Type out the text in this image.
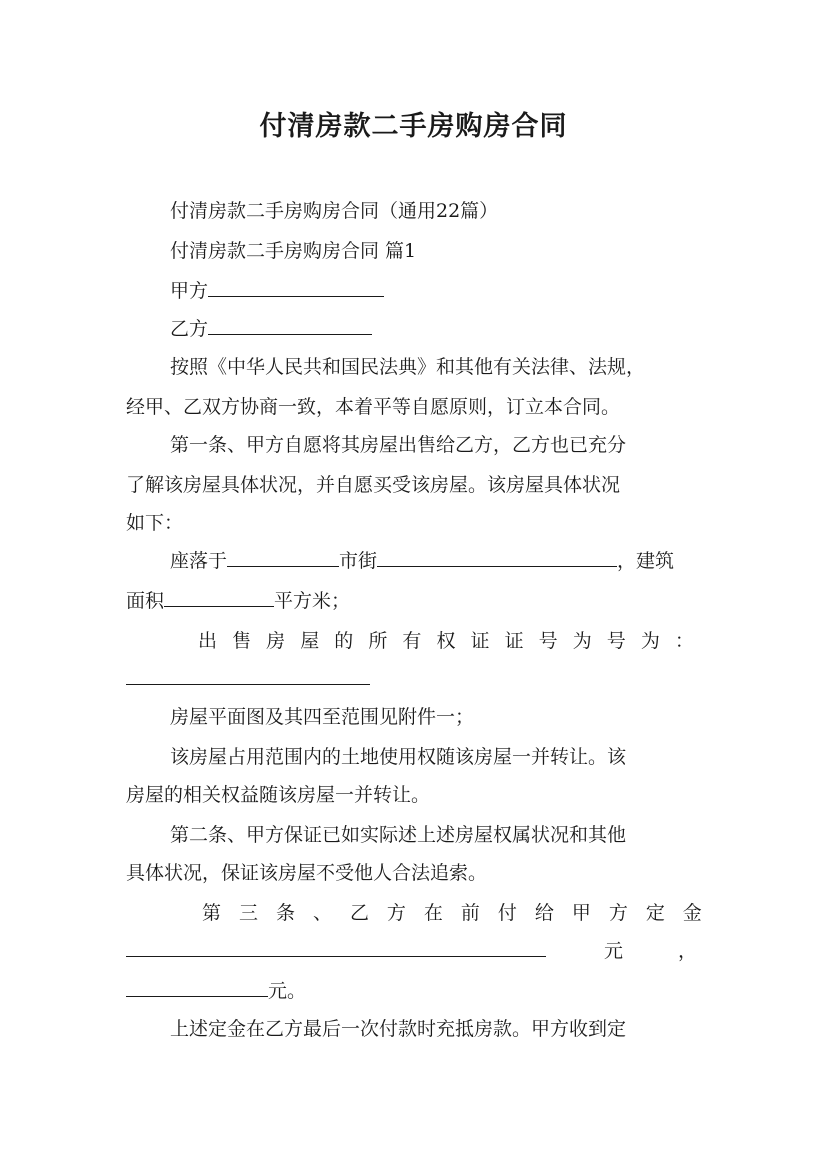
付清房款二手房购房合同
付清房款二手房购房合同（通用22篇）
付清房款二手房购房合同 篇1
甲方
乙方
按照《中华人民共和国民法典》和其他有关法律、法规，
经甲、乙双方协商一致，本着平等自愿原则，订立本合同。
第一条、甲方自愿将其房屋出售给乙方，乙方也已充分
了解该房屋具体状况，并自愿买受该房屋。该房屋具体状况
如下：
座落于	市街	，建筑
面积	平方米；
出 售 房 屋 的 所 有 权 证 证 号 为 号 为 ：
房屋平面图及其四至范围见附件一；
该房屋占用范围内的土地使用权随该房屋一并转让。该
房屋的相关权益随该房屋一并转让。
第二条、甲方保证已如实际述上述房屋权属状况和其他
具体状况，保证该房屋不受他人合法追索。
第 三 条 、 乙 方 在 前 付 给 甲 方 定 金
元	，
元。
上述定金在乙方最后一次付款时充抵房款。甲方收到定
